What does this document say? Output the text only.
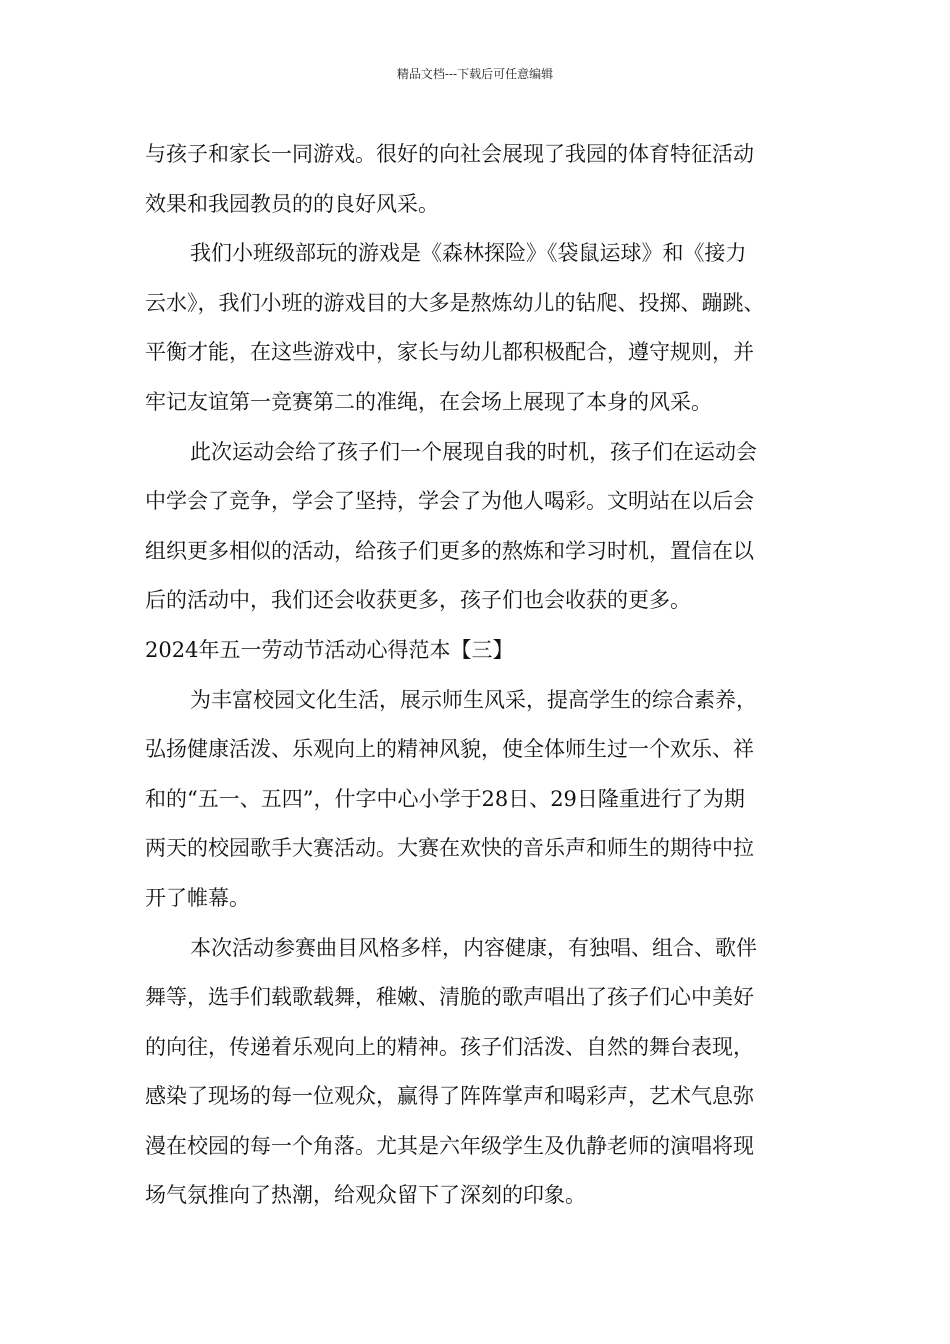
精品文档---下载后可任意编辑
与孩子和家长一同游戏。很好的向社会展现了我园的体育特征活动
效果和我园教员的的良好风采。
我们小班级部玩的游戏是《森林探险》《袋鼠运球》和《接力
云水》，我们小班的游戏目的大多是熬炼幼儿的钻爬、投掷、蹦跳、
平衡才能，在这些游戏中，家长与幼儿都积极配合，遵守规则，并
牢记友谊第一竞赛第二的准绳，在会场上展现了本身的风采。
此次运动会给了孩子们一个展现自我的时机，孩子们在运动会
中学会了竞争，学会了坚持，学会了为他人喝彩。文明站在以后会
组织更多相似的活动，给孩子们更多的熬炼和学习时机，置信在以
后的活动中，我们还会收获更多，孩子们也会收获的更多。
2024年五一劳动节活动心得范本【三】
为丰富校园文化生活，展示师生风采，提高学生的综合素养，
弘扬健康活泼、乐观向上的精神风貌，使全体师生过一个欢乐、祥
和的“五一、五四”，什字中心小学于28日、29日隆重进行了为期
两天的校园歌手大赛活动。大赛在欢快的音乐声和师生的期待中拉
开了帷幕。
本次活动参赛曲目风格多样，内容健康，有独唱、组合、歌伴
舞等，选手们载歌载舞，稚嫩、清脆的歌声唱出了孩子们心中美好
的向往，传递着乐观向上的精神。孩子们活泼、自然的舞台表现，
感染了现场的每一位观众，赢得了阵阵掌声和喝彩声，艺术气息弥
漫在校园的每一个角落。尤其是六年级学生及仇静老师的演唱将现
场气氛推向了热潮，给观众留下了深刻的印象。
